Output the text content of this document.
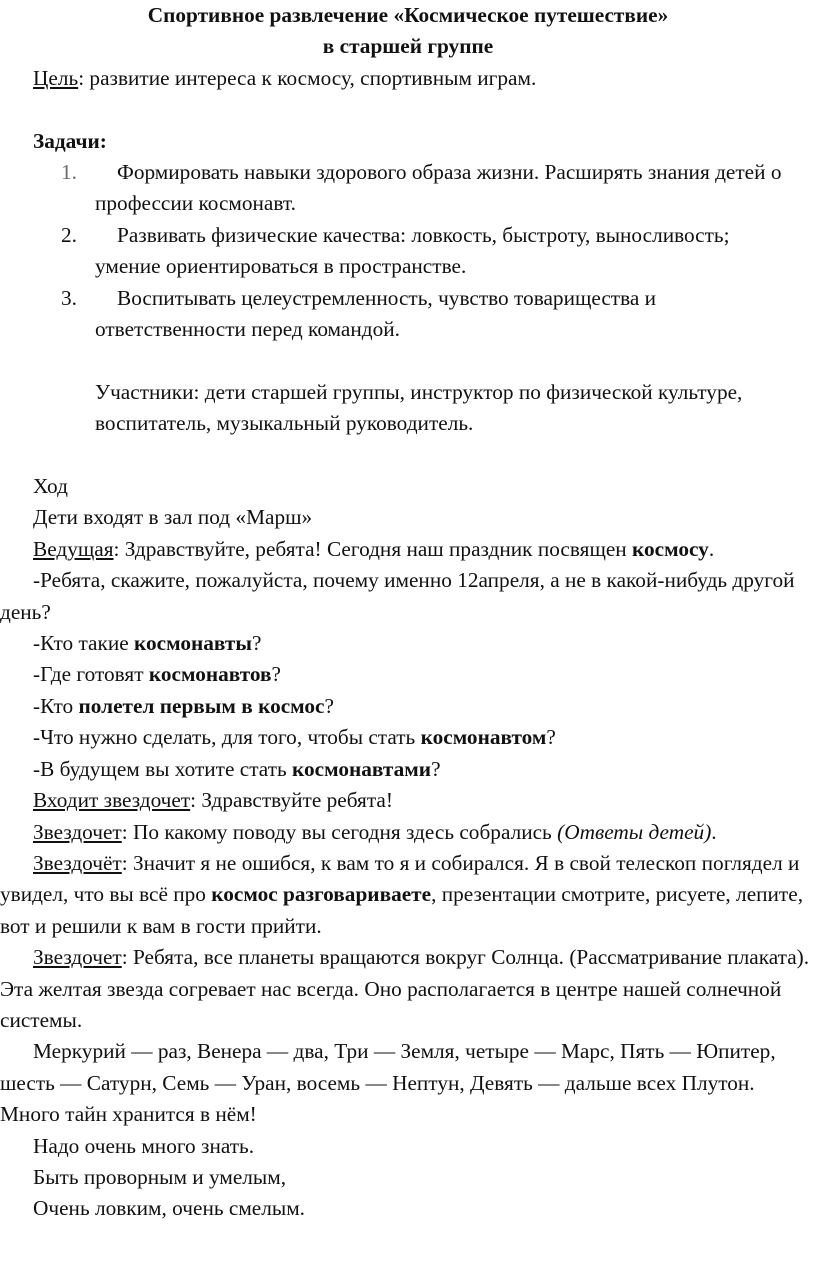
Спортивное развлечение «Космическое путешествие»
в старшей группе

Цель: развитие интереса к космосу, спортивным играм.

Задачи:

1. Формировать навыки здорового образа жизни. Расширять знания детей о профессии космонавт.

2. Развивать физические качества: ловкость, быстроту, выносливость; умение ориентироваться в пространстве.

3. Воспитывать целеустремленность, чувство товарищества и ответственности перед командой.

Участники: дети старшей группы, инструктор по физической культуре, воспитатель, музыкальный руководитель.

Ход

Дети входят в зал под «Марш»

Ведущая: Здравствуйте, ребята! Сегодня наш праздник посвящен космосу.

-Ребята, скажите, пожалуйста, почему именно 12апреля, а не в какой-нибудь другой день?

-Кто такие космонавты?

-Где готовят космонавтов?

-Кто полетел первым в космос?

-Что нужно сделать, для того, чтобы стать космонавтом?

-В будущем вы хотите стать космонавтами?

Входит звездочет: Здравствуйте ребята!

Звездочет: По какому поводу вы сегодня здесь собрались (Ответы детей).

Звездочёт: Значит я не ошибся, к вам то я и собирался. Я в свой телескоп поглядел и увидел, что вы всё про космос разговариваете, презентации смотрите, рисуете, лепите, вот и решили к вам в гости прийти.

Звездочет: Ребята, все планеты вращаются вокруг Солнца. (Рассматривание плаката). Эта желтая звезда согревает нас всегда. Оно располагается в центре нашей солнечной системы.

Меркурий — раз, Венера — два, Три — Земля, четыре — Марс, Пять — Юпитер, шесть — Сатурн, Семь — Уран, восемь — Нептун, Девять — дальше всех Плутон. Много тайн хранится в нём!

Надо очень много знать.

Быть проворным и умелым,

Очень ловким, очень смелым.
